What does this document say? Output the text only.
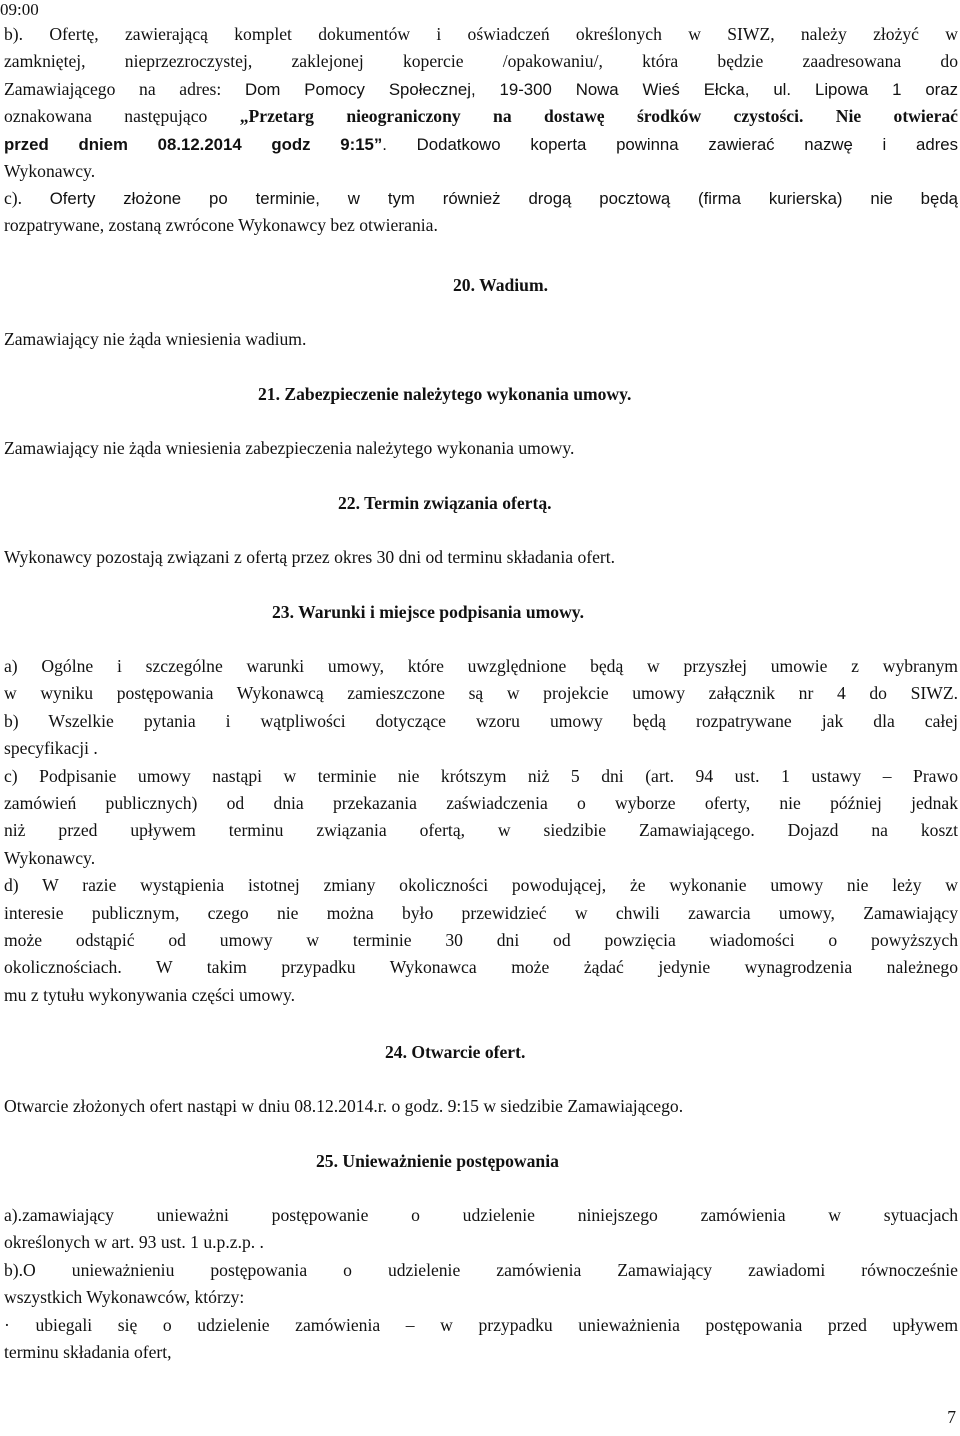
09:00
b). Ofertę, zawierającą komplet dokumentów i oświadczeń określonych w SIWZ, należy złożyć w
zamkniętej, nieprzezroczystej, zaklejonej kopercie /opakowaniu/, która będzie zaadresowana do
Zamawiającego na adres: Dom Pomocy Społecznej, 19-300 Nowa Wieś Ełcka, ul. Lipowa 1 oraz
oznakowana następująco „Przetarg nieograniczony na dostawę środków czystości. Nie otwierać
przed dniem 08.12.2014 godz 9:15”. Dodatkowo koperta powinna zawierać nazwę i adres
Wykonawcy.
c). Oferty złożone po terminie, w tym również drogą pocztową (firma kurierska) nie będą
rozpatrywane, zostaną zwrócone Wykonawcy bez otwierania.
20. Wadium.
Zamawiający nie żąda wniesienia wadium.
21. Zabezpieczenie należytego wykonania umowy.
Zamawiający nie żąda wniesienia zabezpieczenia należytego wykonania umowy.
22. Termin związania ofertą.
Wykonawcy pozostają związani z ofertą przez okres 30 dni od terminu składania ofert.
23. Warunki i miejsce podpisania umowy.
a) Ogólne i szczególne warunki umowy, które uwzględnione będą w przyszłej umowie z wybranym
w wyniku postępowania Wykonawcą zamieszczone są w projekcie umowy załącznik nr 4 do SIWZ.
b) Wszelkie pytania i wątpliwości dotyczące wzoru umowy będą rozpatrywane jak dla całej
specyfikacji .
c) Podpisanie umowy nastąpi w terminie nie krótszym niż 5 dni (art. 94 ust. 1 ustawy – Prawo
zamówień publicznych) od dnia przekazania zaświadczenia o wyborze oferty, nie później jednak
niż przed upływem terminu związania ofertą, w siedzibie Zamawiającego. Dojazd na koszt
Wykonawcy.
d) W razie wystąpienia istotnej zmiany okoliczności powodującej, że wykonanie umowy nie leży w
interesie publicznym, czego nie można było przewidzieć w chwili zawarcia umowy, Zamawiający
może odstąpić od umowy w terminie 30 dni od powzięcia wiadomości o powyższych
okolicznościach. W takim przypadku Wykonawca może żądać jedynie wynagrodzenia należnego
mu z tytułu wykonywania części umowy.
24. Otwarcie ofert.
Otwarcie złożonych ofert nastąpi w dniu 08.12.2014.r. o godz. 9:15 w siedzibie Zamawiającego.
25. Unieważnienie postępowania
a).zamawiający unieważni postępowanie o udzielenie niniejszego zamówienia w sytuacjach
określonych w art. 93 ust. 1 u.p.z.p. .
b).O unieważnieniu postępowania o udzielenie zamówienia Zamawiający zawiadomi równocześnie
wszystkich Wykonawców, którzy:
· ubiegali się o udzielenie zamówienia – w przypadku unieważnienia postępowania przed upływem
terminu składania ofert,
7
